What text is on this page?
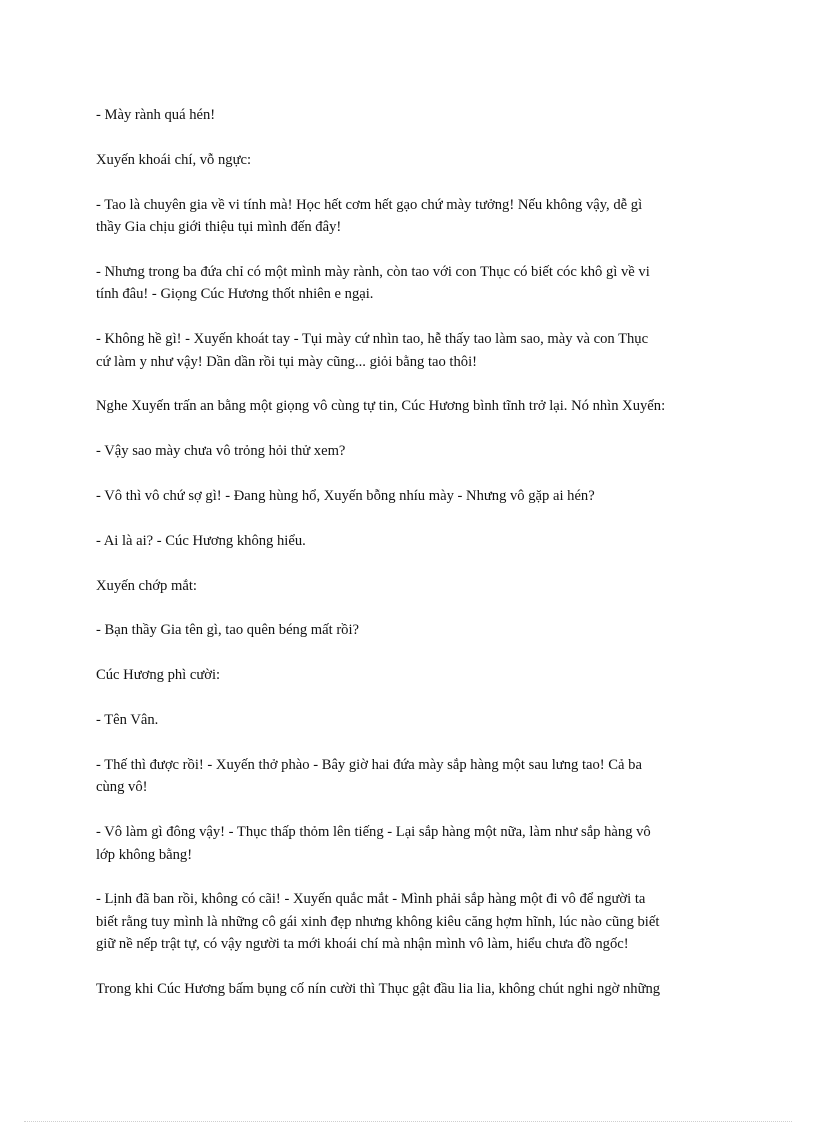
- Mày rành quá hén!

Xuyến khoái chí, vỗ ngực:

- Tao là chuyên gia về vi tính mà! Học hết cơm hết gạo chứ mày tưởng! Nếu không vậy, dễ gì
thầy Gia chịu giới thiệu tụi mình đến đây!

- Nhưng trong ba đứa chỉ có một mình mày rành, còn tao với con Thục có biết cóc khô gì về vi
tính đâu! - Giọng Cúc Hương thốt nhiên e ngại.

- Không hề gì! - Xuyến khoát tay - Tụi mày cứ nhìn tao, hễ thấy tao làm sao, mày và con Thục
cứ làm y như vậy! Dần dần rồi tụi mày cũng... giỏi bằng tao thôi!

Nghe Xuyến trấn an bằng một giọng vô cùng tự tin, Cúc Hương bình tĩnh trở lại. Nó nhìn Xuyến:

- Vậy sao mày chưa vô trỏng hỏi thử xem?

- Vô thì vô chứ sợ gì! - Đang hùng hổ, Xuyến bỗng nhíu mày - Nhưng vô gặp ai hén?

- Ai là ai? - Cúc Hương không hiểu.

Xuyến chớp mắt:

- Bạn thầy Gia tên gì, tao quên béng mất rồi?

Cúc Hương phì cười:

- Tên Vân.

- Thế thì được rồi! - Xuyến thở phào - Bây giờ hai đứa mày sắp hàng một sau lưng tao! Cả ba
cùng vô!

- Vô làm gì đông vậy! - Thục thấp thỏm lên tiếng - Lại sắp hàng một nữa, làm như sắp hàng vô
lớp không bằng!

- Lịnh đã ban rồi, không có cãi! - Xuyến quắc mắt - Mình phải sắp hàng một đi vô để người ta
biết rằng tuy mình là những cô gái xinh đẹp nhưng không kiêu căng hợm hĩnh, lúc nào cũng biết
giữ nề nếp trật tự, có vậy người ta mới khoái chí mà nhận mình vô làm, hiểu chưa đồ ngốc!

Trong khi Cúc Hương bấm bụng cố nín cười thì Thục gật đầu lia lia, không chút nghi ngờ những
